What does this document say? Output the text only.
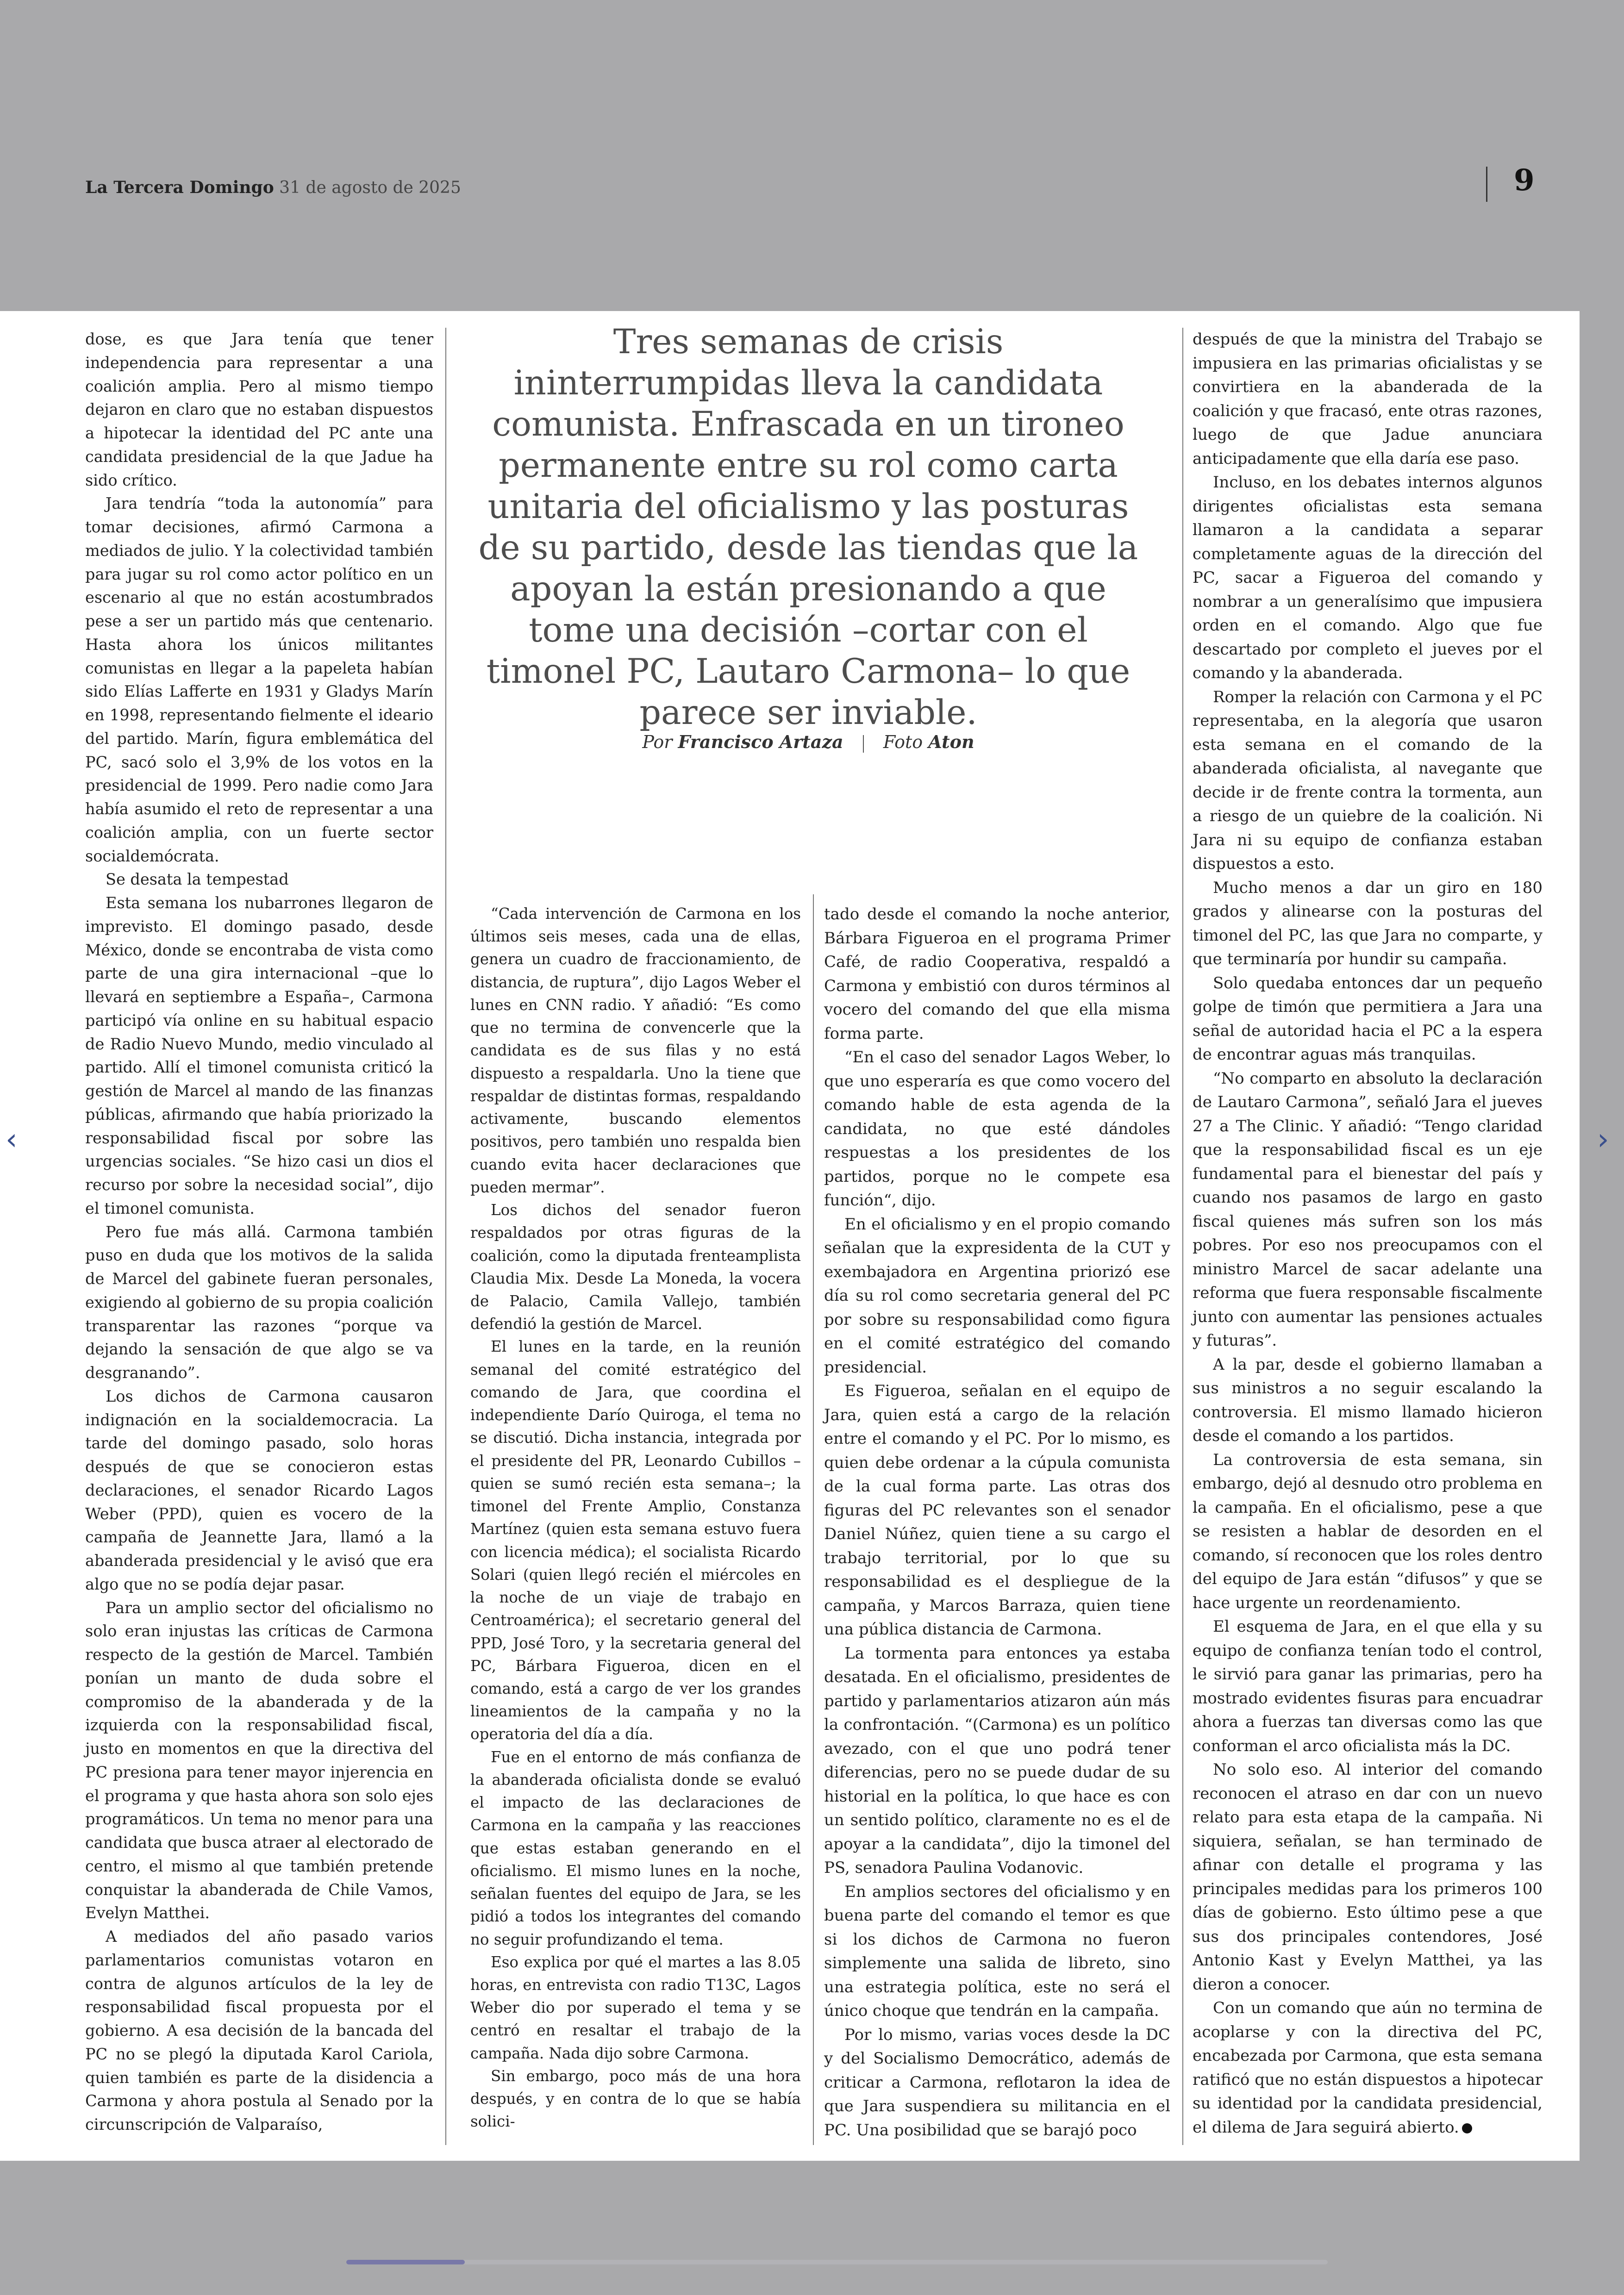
La Tercera Domingo 31 de agosto de 2025	9

dose, es que Jara tenía que tener independencia para representar a una coalición amplia. Pero al mismo tiempo dejaron en claro que no estaban dispuestos a hipotecar la identidad del PC ante una candidata presidencial de la que Jadue ha sido crítico.

Jara tendría “toda la autonomía” para tomar decisiones, afirmó Carmona a mediados de julio. Y la colectividad también para jugar su rol como actor político en un escenario al que no están acostumbrados pese a ser un partido más que centenario. Hasta ahora los únicos militantes comunistas en llegar a la papeleta habían sido Elías Lafferte en 1931 y Gladys Marín en 1998, representando fielmente el ideario del partido. Marín, figura emblemática del PC, sacó solo el 3,9% de los votos en la presidencial de 1999. Pero nadie como Jara había asumido el reto de representar a una coalición amplia, con un fuerte sector socialdemócrata.

Se desata la tempestad

Esta semana los nubarrones llegaron de imprevisto. El domingo pasado, desde México, donde se encontraba de vista como parte de una gira internacional –que lo llevará en septiembre a España–, Carmona participó vía online en su habitual espacio de Radio Nuevo Mundo, medio vinculado al partido. Allí el timonel comunista criticó la gestión de Marcel al mando de las finanzas públicas, afirmando que había priorizado la responsabilidad fiscal por sobre las urgencias sociales. “Se hizo casi un dios el recurso por sobre la necesidad social”, dijo el timonel comunista.

Pero fue más allá. Carmona también puso en duda que los motivos de la salida de Marcel del gabinete fueran personales, exigiendo al gobierno de su propia coalición transparentar las razones “porque va dejando la sensación de que algo se va desgranando”.

Los dichos de Carmona causaron indignación en la socialdemocracia. La tarde del domingo pasado, solo horas después de que se conocieron estas declaraciones, el senador Ricardo Lagos Weber (PPD), quien es vocero de la campaña de Jeannette Jara, llamó a la abanderada presidencial y le avisó que era algo que no se podía dejar pasar.

Para un amplio sector del oficialismo no solo eran injustas las críticas de Carmona respecto de la gestión de Marcel. También ponían un manto de duda sobre el compromiso de la abanderada y de la izquierda con la responsabilidad fiscal, justo en momentos en que la directiva del PC presiona para tener mayor injerencia en el programa y que hasta ahora son solo ejes programáticos. Un tema no menor para una candidata que busca atraer al electorado de centro, el mismo al que también pretende conquistar la abanderada de Chile Vamos, Evelyn Matthei.

A mediados del año pasado varios parlamentarios comunistas votaron en contra de algunos artículos de la ley de responsabilidad fiscal propuesta por el gobierno. A esa decisión de la bancada del PC no se plegó la diputada Karol Cariola, quien también es parte de la disidencia a Carmona y ahora postula al Senado por la circunscripción de Valparaíso,

Tres semanas de crisis ininterrumpidas lleva la candidata comunista. Enfrascada en un tironeo permanente entre su rol como carta unitaria del oficialismo y las posturas de su partido, desde las tiendas que la apoyan la están presionando a que tome una decisión –cortar con el timonel PC, Lautaro Carmona– lo que parece ser inviable.
Por Francisco Artaza Foto Aton

“Cada intervención de Carmona en los últimos seis meses, cada una de ellas, genera un cuadro de fraccionamiento, de distancia, de ruptura”, dijo Lagos Weber el lunes en CNN radio. Y añadió: “Es como que no termina de convencerle que la candidata es de sus filas y no está dispuesto a respaldarla. Uno la tiene que respaldar de distintas formas, respaldando activamente, buscando elementos positivos, pero también uno respalda bien cuando evita hacer declaraciones que pueden mermar”.

Los dichos del senador fueron respaldados por otras figuras de la coalición, como la diputada frenteamplista Claudia Mix. Desde La Moneda, la vocera de Palacio, Camila Vallejo, también defendió la gestión de Marcel.

El lunes en la tarde, en la reunión semanal del comité estratégico del comando de Jara, que coordina el independiente Darío Quiroga, el tema no se discutió. Dicha instancia, integrada por el presidente del PR, Leonardo Cubillos –quien se sumó recién esta semana–; la timonel del Frente Amplio, Constanza Martínez (quien esta semana estuvo fuera con licencia médica); el socialista Ricardo Solari (quien llegó recién el miércoles en la noche de un viaje de trabajo en Centroamérica); el secretario general del PPD, José Toro, y la secretaria general del PC, Bárbara Figueroa, dicen en el comando, está a cargo de ver los grandes lineamientos de la campaña y no la operatoria del día a día.

Fue en el entorno de más confianza de la abanderada oficialista donde se evaluó el impacto de las declaraciones de Carmona en la campaña y las reacciones que estas estaban generando en el oficialismo. El mismo lunes en la noche, señalan fuentes del equipo de Jara, se les pidió a todos los integrantes del comando no seguir profundizando el tema.

Eso explica por qué el martes a las 8.05 horas, en entrevista con radio T13C, Lagos Weber dio por superado el tema y se centró en resaltar el trabajo de la campaña. Nada dijo sobre Carmona.

Sin embargo, poco más de una hora después, y en contra de lo que se había solici-

tado desde el comando la noche anterior, Bárbara Figueroa en el programa Primer Café, de radio Cooperativa, respaldó a Carmona y embistió con duros términos al vocero del comando del que ella misma forma parte.

“En el caso del senador Lagos Weber, lo que uno esperaría es que como vocero del comando hable de esta agenda de la candidata, no que esté dándoles respuestas a los presidentes de los partidos, porque no le compete esa función“, dijo.

En el oficialismo y en el propio comando señalan que la expresidenta de la CUT y exembajadora en Argentina priorizó ese día su rol como secretaria general del PC por sobre su responsabilidad como figura en el comité estratégico del comando presidencial.

Es Figueroa, señalan en el equipo de Jara, quien está a cargo de la relación entre el comando y el PC. Por lo mismo, es quien debe ordenar a la cúpula comunista de la cual forma parte. Las otras dos figuras del PC relevantes son el senador Daniel Núñez, quien tiene a su cargo el trabajo territorial, por lo que su responsabilidad es el despliegue de la campaña, y Marcos Barraza, quien tiene una pública distancia de Carmona.

La tormenta para entonces ya estaba desatada. En el oficialismo, presidentes de partido y parlamentarios atizaron aún más la confrontación. “(Carmona) es un político avezado, con el que uno podrá tener diferencias, pero no se puede dudar de su historial en la política, lo que hace es con un sentido político, claramente no es el de apoyar a la candidata”, dijo la timonel del PS, senadora Paulina Vodanovic.

En amplios sectores del oficialismo y en buena parte del comando el temor es que si los dichos de Carmona no fueron simplemente una salida de libreto, sino una estrategia política, este no será el único choque que tendrán en la campaña.

Por lo mismo, varias voces desde la DC y del Socialismo Democrático, además de criticar a Carmona, reflotaron la idea de que Jara suspendiera su militancia en el PC. Una posibilidad que se barajó poco

después de que la ministra del Trabajo se impusiera en las primarias oficialistas y se convirtiera en la abanderada de la coalición y que fracasó, ente otras razones, luego de que Jadue anunciara anticipadamente que ella daría ese paso.

Incluso, en los debates internos algunos dirigentes oficialistas esta semana llamaron a la candidata a separar completamente aguas de la dirección del PC, sacar a Figueroa del comando y nombrar a un generalísimo que impusiera orden en el comando. Algo que fue descartado por completo el jueves por el comando y la abanderada.

Romper la relación con Carmona y el PC representaba, en la alegoría que usaron esta semana en el comando de la abanderada oficialista, al navegante que decide ir de frente contra la tormenta, aun a riesgo de un quiebre de la coalición. Ni Jara ni su equipo de confianza estaban dispuestos a esto.

Mucho menos a dar un giro en 180 grados y alinearse con la posturas del timonel del PC, las que Jara no comparte, y que terminaría por hundir su campaña.

Solo quedaba entonces dar un pequeño golpe de timón que permitiera a Jara una señal de autoridad hacia el PC a la espera de encontrar aguas más tranquilas.

“No comparto en absoluto la declaración de Lautaro Carmona”, señaló Jara el jueves 27 a The Clinic. Y añadió: “Tengo claridad que la responsabilidad fiscal es un eje fundamental para el bienestar del país y cuando nos pasamos de largo en gasto fiscal quienes más sufren son los más pobres. Por eso nos preocupamos con el ministro Marcel de sacar adelante una reforma que fuera responsable fiscalmente junto con aumentar las pensiones actuales y futuras”.

A la par, desde el gobierno llamaban a sus ministros a no seguir escalando la controversia. El mismo llamado hicieron desde el comando a los partidos.

La controversia de esta semana, sin embargo, dejó al desnudo otro problema en la campaña. En el oficialismo, pese a que se resisten a hablar de desorden en el comando, sí reconocen que los roles dentro del equipo de Jara están “difusos” y que se hace urgente un reordenamiento.

El esquema de Jara, en el que ella y su equipo de confianza tenían todo el control, le sirvió para ganar las primarias, pero ha mostrado evidentes fisuras para encuadrar ahora a fuerzas tan diversas como las que conforman el arco oficialista más la DC.

No solo eso. Al interior del comando reconocen el atraso en dar con un nuevo relato para esta etapa de la campaña. Ni siquiera, señalan, se han terminado de afinar con detalle el programa y las principales medidas para los primeros 100 días de gobierno. Esto último pese a que sus dos principales contendores, José Antonio Kast y Evelyn Matthei, ya las dieron a conocer.

Con un comando que aún no termina de acoplarse y con la directiva del PC, encabezada por Carmona, que esta semana ratificó que no están dispuestos a hipotecar su identidad por la candidata presidencial, el dilema de Jara seguirá abierto.

‹	›
